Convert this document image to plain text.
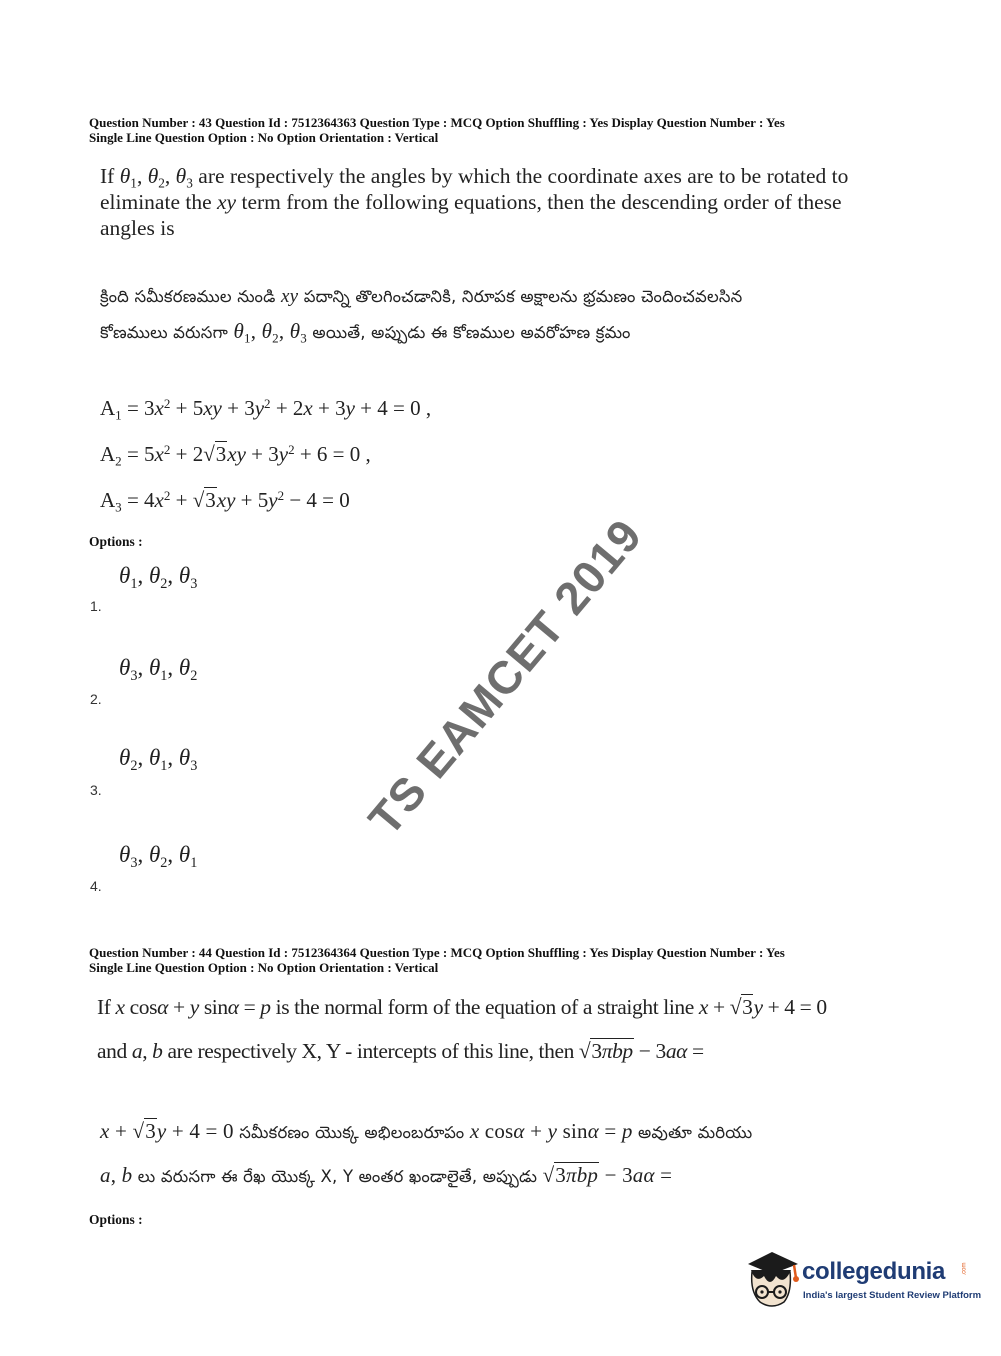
Question Number : 43 Question Id : 7512364363 Question Type : MCQ Option Shuffling : Yes Display Question Number : Yes
Single Line Question Option : No Option Orientation : Vertical
If $\theta_1$, $\theta_2$, $\theta_3$ are respectively the angles by which the coordinate axes are to be rotated to
eliminate the xy term from the following equations, then the descending order of these
angles is
క్రింది సమీకరణముల నుండి xy పదాన్ని తొలగించడానికి, నిరూపక అక్షాలను భ్రమణం చెందించవలసిన
కోణములు వరుసగా $\theta_1$, $\theta_2$, $\theta_3$ అయితే, అప్పుడు ఈ కోణముల అవరోహణ క్రమం
$A_1 = 3x^2 + 5xy + 3y^2 + 2x + 3y + 4 = 0$ ,
$A_2 = 5x^2 + 2√3xy + 3y^2 + 6 = 0$ ,
$A_3 = 4x^2 + √3xy + 5y^2 - 4 = 0$
Options :
$\theta_1$, $\theta_2$, $\theta_3$
1.
$\theta_3$, $\theta_1$, $\theta_2$
2.
$\theta_2$, $\theta_1$, $\theta_3$
3.
$\theta_3$, $\theta_2$, $\theta_1$
4.
Question Number : 44 Question Id : 7512364364 Question Type : MCQ Option Shuffling : Yes Display Question Number : Yes
Single Line Question Option : No Option Orientation : Vertical
If x cosα + y sinα = p is the normal form of the equation of a straight line x + √3y + 4 = 0
and a, b are respectively X, Y - intercepts of this line, then √3πbp − 3aα =
x + √3y + 4 = 0 సమీకరణం యొక్క అభిలంబరూపం x cosα + y sinα = p అవుతూ మరియు
a, b లు వరుసగా ఈ రేఖ యొక్క X, Y అంతర ఖండాలైతే, అప్పుడు √3πbp − 3aα =
Options :
TS EAMCET 2019
collegedunia	.com
India's largest Student Review Platform
